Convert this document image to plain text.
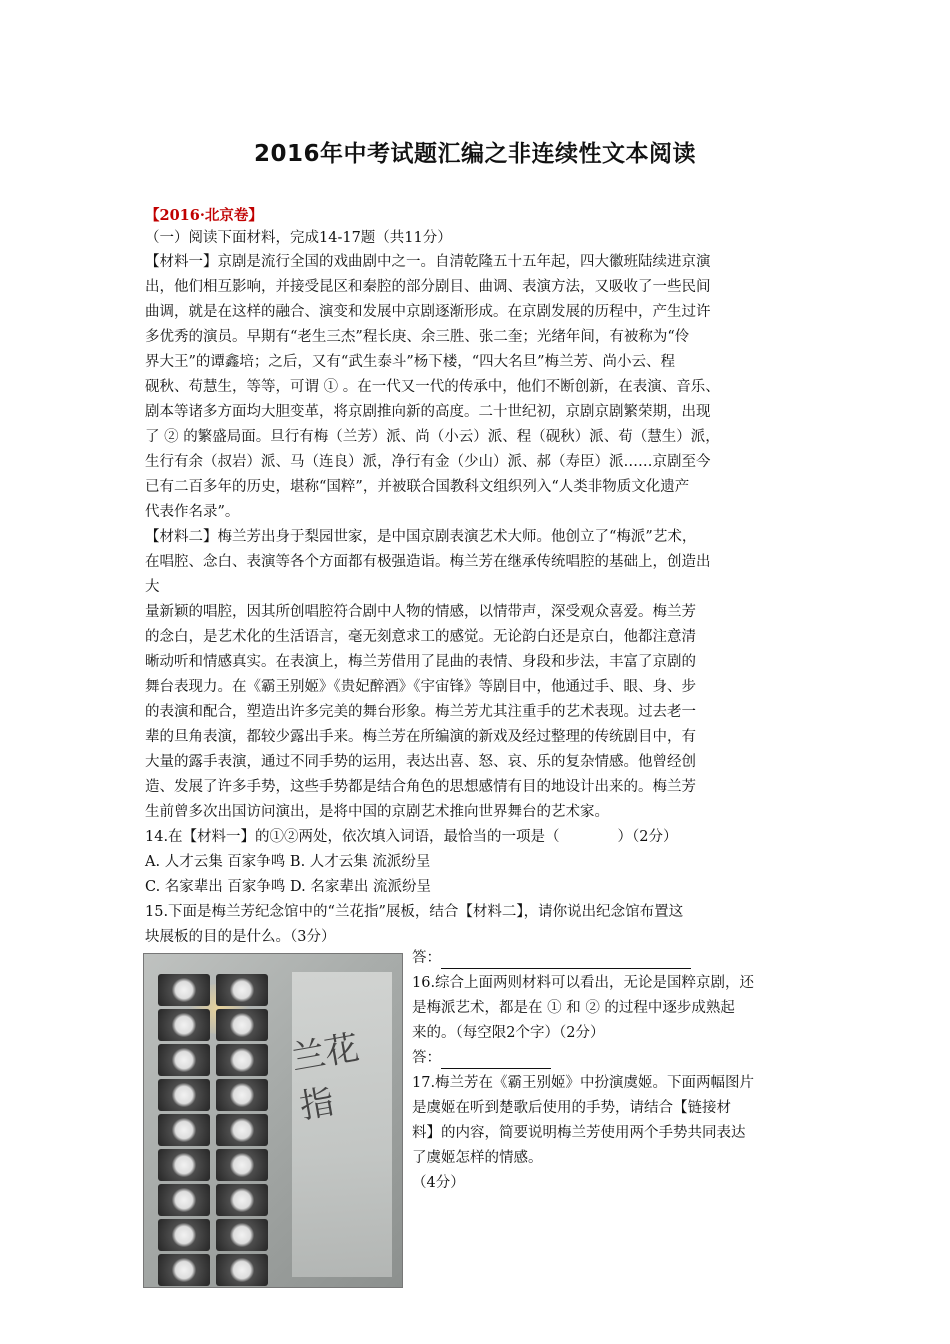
2016年中考试题汇编之非连续性文本阅读
【2016·北京卷】
（一）阅读下面材料，完成14-17题（共11分）
【材料一】京剧是流行全国的戏曲剧中之一。自清乾隆五十五年起，四大徽班陆续进京演
出，他们相互影响，并接受昆区和秦腔的部分剧目、曲调、表演方法，又吸收了一些民间
曲调，就是在这样的融合、演变和发展中京剧逐渐形成。在京剧发展的历程中，产生过许
多优秀的演员。早期有“老生三杰”程长庚、余三胜、张二奎；光绪年间，有被称为“伶
界大王”的谭鑫培；之后，又有“武生泰斗”杨下楼，“四大名旦”梅兰芳、尚小云、程
砚秋、苟慧生，等等，可谓 ① 。在一代又一代的传承中，他们不断创新，在表演、音乐、
剧本等诸多方面均大胆变革，将京剧推向新的高度。二十世纪初，京剧京剧繁荣期，出现
了 ② 的繁盛局面。旦行有梅（兰芳）派、尚（小云）派、程（砚秋）派、荀（慧生）派，
生行有余（叔岩）派、马（连良）派，净行有金（少山）派、郝（寿臣）派……京剧至今
已有二百多年的历史，堪称“国粹”，并被联合国教科文组织列入“人类非物质文化遗产
代表作名录”。
【材料二】梅兰芳出身于梨园世家，是中国京剧表演艺术大师。他创立了“梅派”艺术，
在唱腔、念白、表演等各个方面都有极强造诣。梅兰芳在继承传统唱腔的基础上，创造出
大
量新颖的唱腔，因其所创唱腔符合剧中人物的情感，以情带声，深受观众喜爱。梅兰芳
的念白，是艺术化的生活语言，毫无刻意求工的感觉。无论韵白还是京白，他都注意清
晰动听和情感真实。在表演上，梅兰芳借用了昆曲的表情、身段和步法，丰富了京剧的
舞台表现力。在《霸王别姬》《贵妃醉酒》《宇宙锋》等剧目中，他通过手、眼、身、步
的表演和配合，塑造出许多完美的舞台形象。梅兰芳尤其注重手的艺术表现。过去老一
辈的旦角表演，都较少露出手来。梅兰芳在所编演的新戏及经过整理的传统剧目中，有
大量的露手表演，通过不同手势的运用，表达出喜、怒、哀、乐的复杂情感。他曾经创
造、发展了许多手势，这些手势都是结合角色的思想感情有目的地设计出来的。梅兰芳
生前曾多次出国访问演出，是将中国的京剧艺术推向世界舞台的艺术家。
14.在【材料一】的①②两处，依次填入词语，最恰当的一项是（　　　　）（2分）
A. 人才云集 百家争鸣 B. 人才云集 流派纷呈
C. 名家辈出 百家争鸣 D. 名家辈出 流派纷呈
15.下面是梅兰芳纪念馆中的“兰花指”展板，结合【材料二】，请你说出纪念馆布置这
块展板的目的是什么。（3分）
答：
16.综合上面两则材料可以看出，无论是国粹京剧，还
是梅派艺术，都是在 ① 和 ② 的过程中逐步成熟起
来的。（每空限2个字）（2分）
答：
17.梅兰芳在《霸王别姬》中扮演虞姬。下面两幅图片
是虞姬在听到楚歌后使用的手势，请结合【链接材
料】的内容，简要说明梅兰芳使用两个手势共同表达
了虞姬怎样的情感。
（4分）
兰花指
